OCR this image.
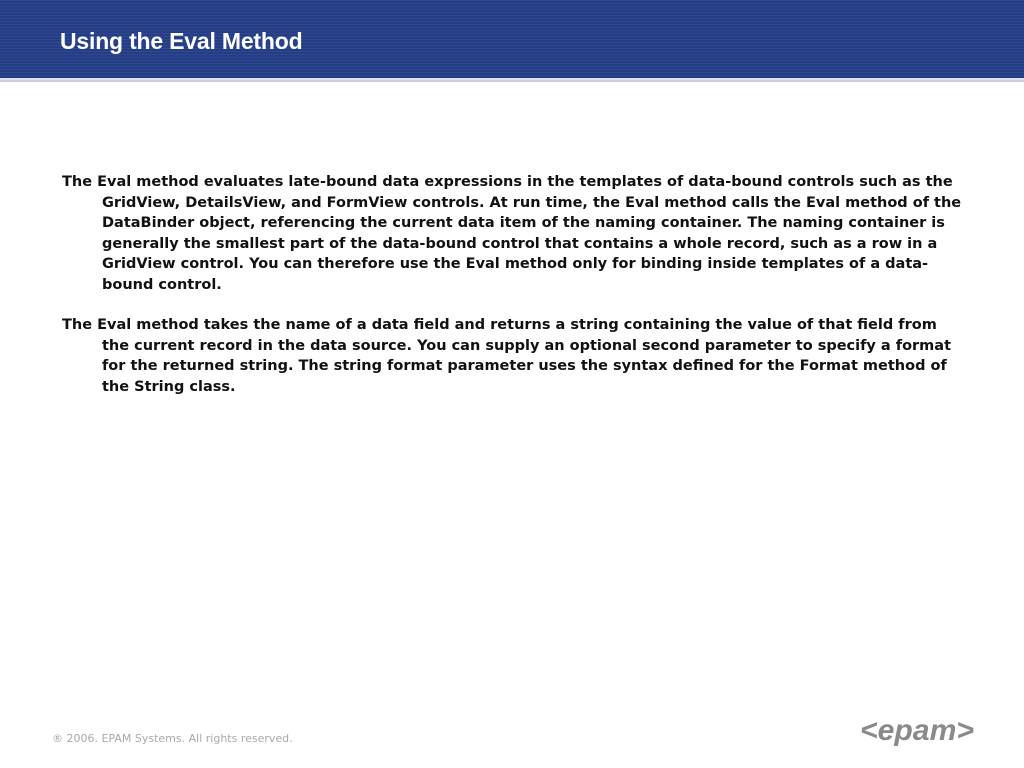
Using the Eval Method

The Eval method evaluates late-bound data expressions in the templates of data-bound controls such as the GridView, DetailsView, and FormView controls. At run time, the Eval method calls the Eval method of the DataBinder object, referencing the current data item of the naming container. The naming container is generally the smallest part of the data-bound control that contains a whole record, such as a row in a GridView control. You can therefore use the Eval method only for binding inside templates of a data-bound control.

The Eval method takes the name of a data field and returns a string containing the value of that field from the current record in the data source. You can supply an optional second parameter to specify a format for the returned string. The string format parameter uses the syntax defined for the Format method of the String class.

® 2006. EPAM Systems. All rights reserved.	<epam>
